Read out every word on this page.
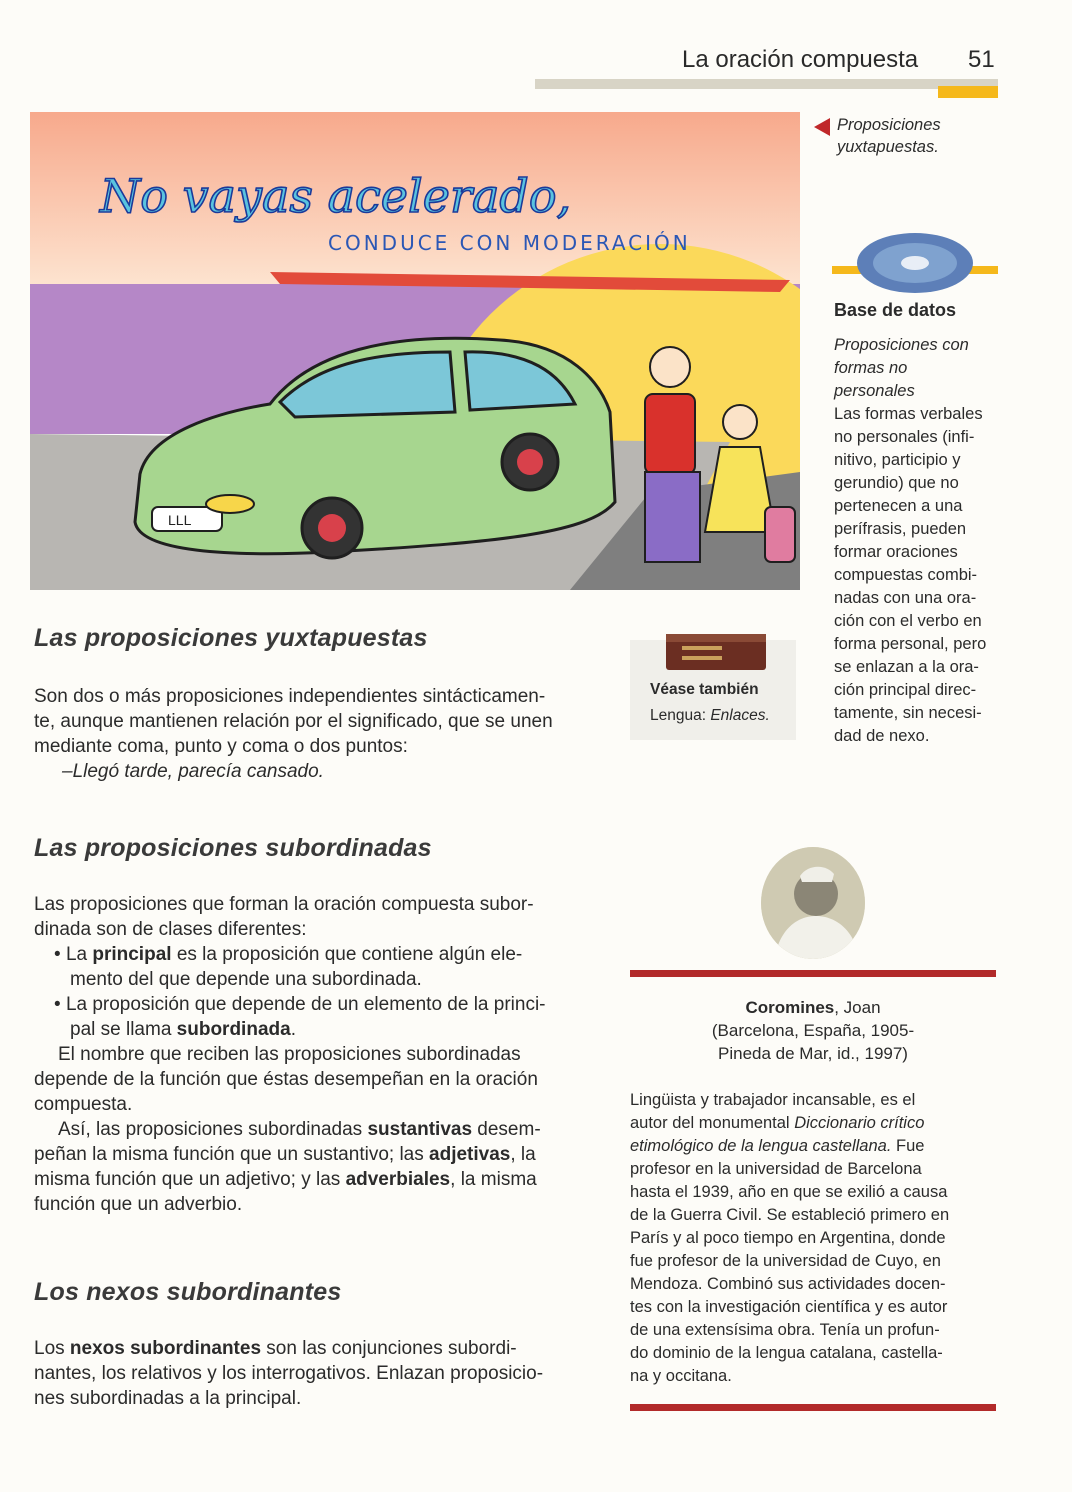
La oración compuesta 51
LLL
No vayas acelerado,
CONDUCE CON MODERACIÓN
Proposiciones
yuxtapuestas.
Base de datos
Proposiciones con
formas no
personales
Las formas verbales
no personales (infi-
nitivo, participio y
gerundio) que no
pertenecen a una
perífrasis, pueden
formar oraciones
compuestas combi-
nadas con una ora-
ción con el verbo en
forma personal, pero
se enlazan a la ora-
ción principal direc-
tamente, sin necesi-
dad de nexo.
Véase también
Lengua: Enlaces.
Las proposiciones yuxtapuestas
Son dos o más proposiciones independientes sintácticamen-
te, aunque mantienen relación por el significado, que se unen
mediante coma, punto y coma o dos puntos:
–Llegó tarde, parecía cansado.
Las proposiciones subordinadas
Las proposiciones que forman la oración compuesta subor-
dinada son de clases diferentes:
• La principal es la proposición que contiene algún ele-
mento del que depende una subordinada.
• La proposición que depende de un elemento de la princi-
pal se llama subordinada.
El nombre que reciben las proposiciones subordinadas
depende de la función que éstas desempeñan en la oración
compuesta.
Así, las proposiciones subordinadas sustantivas desem-
peñan la misma función que un sustantivo; las adjetivas, la
misma función que un adjetivo; y las adverbiales, la misma
función que un adverbio.
Los nexos subordinantes
Los nexos subordinantes son las conjunciones subordi-
nantes, los relativos y los interrogativos. Enlazan proposicio-
nes subordinadas a la principal.
Coromines, Joan
(Barcelona, España, 1905-
Pineda de Mar, id., 1997)
Lingüista y trabajador incansable, es el
autor del monumental Diccionario crítico
etimológico de la lengua castellana. Fue
profesor en la universidad de Barcelona
hasta el 1939, año en que se exilió a causa
de la Guerra Civil. Se estableció primero en
París y al poco tiempo en Argentina, donde
fue profesor de la universidad de Cuyo, en
Mendoza. Combinó sus actividades docen-
tes con la investigación científica y es autor
de una extensísima obra. Tenía un profun-
do dominio de la lengua catalana, castella-
na y occitana.
